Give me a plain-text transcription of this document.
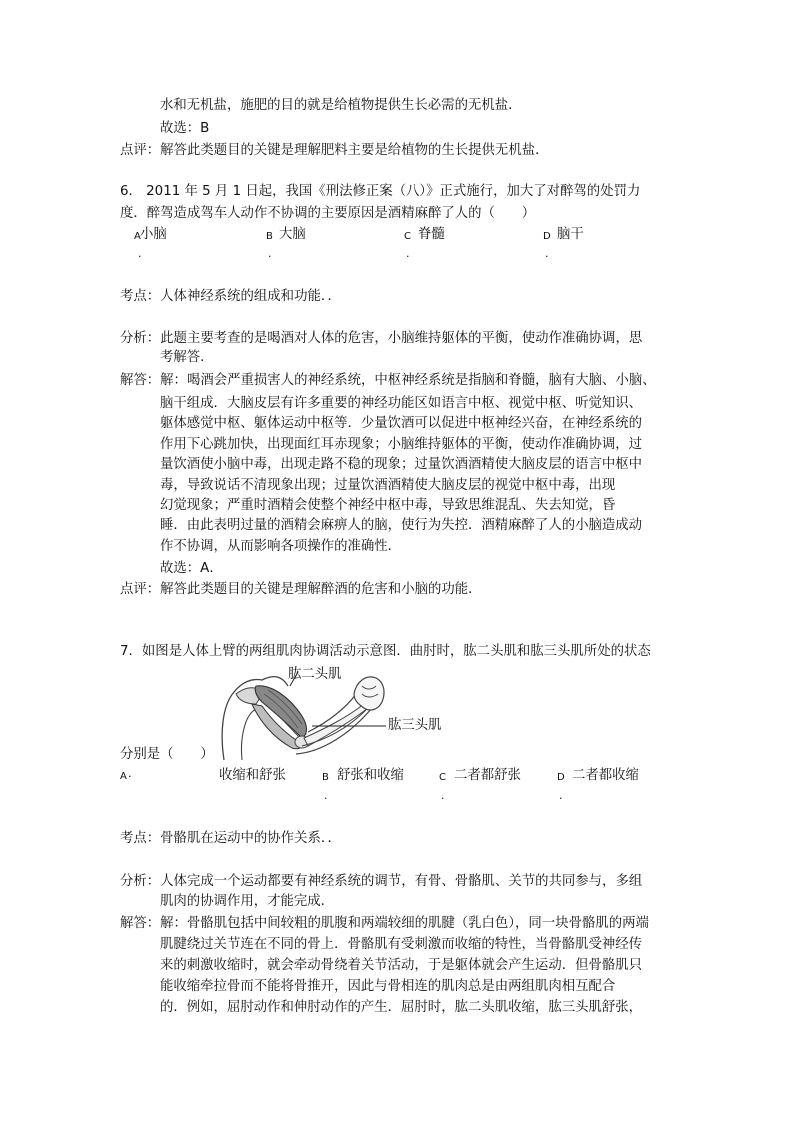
水和无机盐，施肥的目的就是给植物提供生长必需的无机盐．
故选：B
点评：解答此类题目的关键是理解肥料主要是给植物的生长提供无机盐．
6． 2011 年 5 月 1 日起，我国《刑法修正案（八）》正式施行，加大了对醉驾的处罚力
度．醉驾造成驾车人动作不协调的主要原因是酒精麻醉了人的（　　）
A 小脑
.
B 大脑
.
C 脊髓
.
D 脑干
.
考点：人体神经系统的组成和功能．．
分析：此题主要考查的是喝酒对人体的危害，小脑维持躯体的平衡，使动作准确协调，思
考解答．
解答：解：喝酒会严重损害人的神经系统，中枢神经系统是指脑和脊髓，脑有大脑、小脑、
脑干组成．大脑皮层有许多重要的神经功能区如语言中枢、视觉中枢、听觉知识、
躯体感觉中枢、躯体运动中枢等．少量饮酒可以促进中枢神经兴奋，在神经系统的
作用下心跳加快，出现面红耳赤现象；小脑维持躯体的平衡，使动作准确协调，过
量饮酒使小脑中毒，出现走路不稳的现象；过量饮酒酒精使大脑皮层的语言中枢中
毒，导致说话不清现象出现；过量饮酒酒精使大脑皮层的视觉中枢中毒，出现
幻觉现象；严重时酒精会使整个神经中枢中毒，导致思维混乱、失去知觉，昏
睡．由此表明过量的酒精会麻痹人的脑，使行为失控．酒精麻醉了人的小脑造成动
作不协调，从而影响各项操作的准确性．
故选：A．
点评：解答此类题目的关键是理解醉酒的危害和小脑的功能．
7．如图是人体上臂的两组肌肉协调活动示意图．曲肘时，肱二头肌和肱三头肌所处的状态
肱二头肌
肱三头肌
分别是（　　）
A .	收缩和舒张	B 舒张和收缩
.
C 二者都舒张
.
D 二者都收缩
.
考点：骨骼肌在运动中的协作关系．．
分析：人体完成一个运动都要有神经系统的调节，有骨、骨骼肌、关节的共同参与，多组
肌肉的协调作用，才能完成．
解答：解：骨骼肌包括中间较粗的肌腹和两端较细的肌腱（乳白色），同一块骨骼肌的两端
肌腱绕过关节连在不同的骨上．骨骼肌有受刺激而收缩的特性，当骨骼肌受神经传
来的刺激收缩时，就会牵动骨绕着关节活动，于是躯体就会产生运动．但骨骼肌只
能收缩牵拉骨而不能将骨推开，因此与骨相连的肌肉总是由两组肌肉相互配合
的．例如，屈肘动作和伸肘动作的产生．屈肘时，肱二头肌收缩，肱三头肌舒张，
